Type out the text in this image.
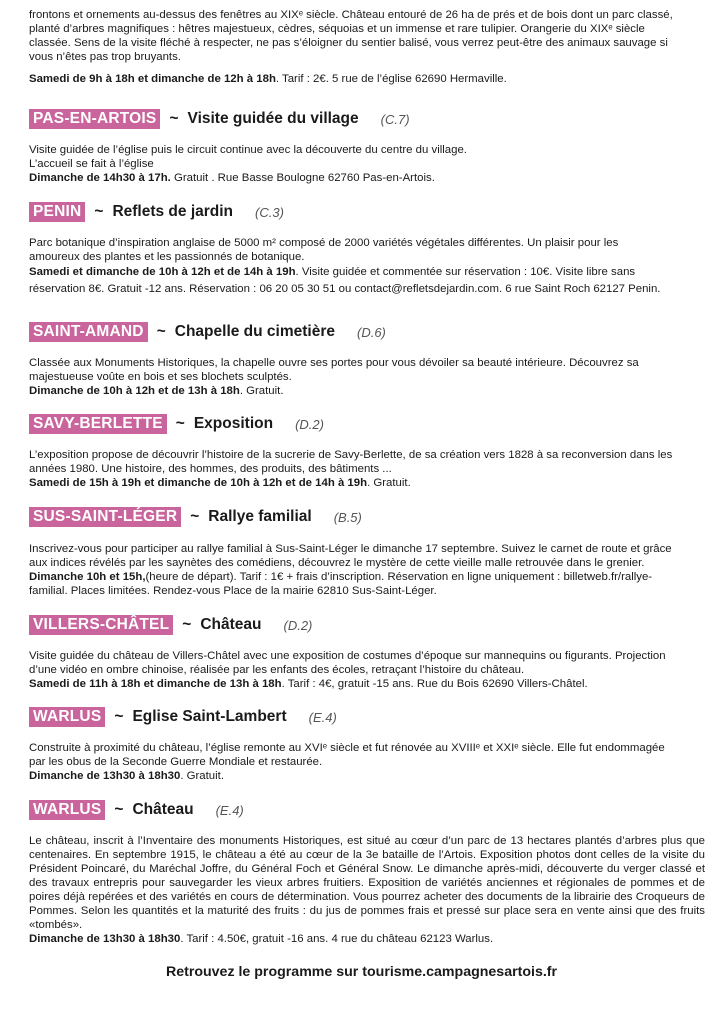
frontons et ornements au-dessus des fenêtres au XIXᵉ siècle. Château entouré de 26 ha de prés et de bois dont un parc classé,

planté d’arbres magnifiques : hêtres majestueux, cèdres, séquoias et un immense et rare tulipier. Orangerie du XIXᵉ siècle

classée. Sens de la visite fléché à respecter, ne pas s’éloigner du sentier balisé, vous verrez peut-être des animaux sauvage si

vous n’êtes pas trop bruyants.

Samedi de 9h à 18h et dimanche de 12h à 18h. Tarif : 2€. 5 rue de l’église 62690 Hermaville.
PAS-EN-ARTOIS ~ Visite guidée du village (C.7)

Visite guidée de l’église puis le circuit continue avec la découverte du centre du village.

L’accueil se fait à l’église

Dimanche de 14h30 à 17h. Gratuit . Rue Basse Boulogne 62760 Pas-en-Artois.

PENIN ~ Reflets de jardin (C.3)

Parc botanique d’inspiration anglaise de 5000 m² composé de 2000 variétés végétales différentes. Un plaisir pour les

amoureux des plantes et les passionnés de botanique.

Samedi et dimanche de 10h à 12h et de 14h à 19h. Visite guidée et commentée sur réservation : 10€. Visite libre sans

réservation 8€. Gratuit -12 ans. Réservation : 06 20 05 30 51 ou contact@refletsdejardin.com. 6 rue Saint Roch 62127 Penin.

SAINT-AMAND ~ Chapelle du cimetière (D.6)

Classée aux Monuments Historiques, la chapelle ouvre ses portes pour vous dévoiler sa beauté intérieure. Découvrez sa

majestueuse voûte en bois et ses blochets sculptés.

Dimanche de 10h à 12h et de 13h à 18h. Gratuit.

SAVY-BERLETTE ~ Exposition (D.2)

L’exposition propose de découvrir l’histoire de la sucrerie de Savy-Berlette, de sa création vers 1828 à sa reconversion dans les

années 1980. Une histoire, des hommes, des produits, des bâtiments ...

Samedi de 15h à 19h et dimanche de 10h à 12h et de 14h à 19h. Gratuit.

SUS-SAINT-LÉGER ~ Rallye familial (B.5)

Inscrivez-vous pour participer au rallye familial à Sus-Saint-Léger le dimanche 17 septembre. Suivez le carnet de route et grâce

aux indices révélés par les saynètes des comédiens, découvrez le mystère de cette vieille malle retrouvée dans le grenier.

Dimanche 10h et 15h,(heure de départ). Tarif : 1€ + frais d’inscription. Réservation en ligne uniquement : billetweb.fr/rallye-

familial. Places limitées. Rendez-vous Place de la mairie 62810 Sus-Saint-Léger.

VILLERS-CHÂTEL ~ Château (D.2)

Visite guidée du château de Villers-Châtel avec une exposition de costumes d’époque sur mannequins ou figurants. Projection

d’une vidéo en ombre chinoise, réalisée par les enfants des écoles, retraçant l’histoire du château.

Samedi de 11h à 18h et dimanche de 13h à 18h. Tarif : 4€, gratuit -15 ans. Rue du Bois 62690 Villers-Châtel.

WARLUS ~ Eglise Saint-Lambert (E.4)

Construite à proximité du château, l’église remonte au XVIᵉ siècle et fut rénovée au XVIIIᵉ et XXIᵉ siècle. Elle fut endommagée

par les obus de la Seconde Guerre Mondiale et restaurée.

Dimanche de 13h30 à 18h30. Gratuit.

WARLUS ~ Château (E.4)

Le château, inscrit à l’Inventaire des monuments Historiques, est situé au cœur d’un parc de 13 hectares plantés d’arbres plus que centenaires. En septembre 1915, le château a été au cœur de la 3e bataille de l’Artois. Exposition photos dont celles de la visite du Président Poincaré, du Maréchal Joffre, du Général Foch et Général Snow. Le dimanche après-midi, découverte du verger classé et des travaux entrepris pour sauvegarder les vieux arbres fruitiers. Exposition de variétés anciennes et régionales de pommes et de poires déjà repérées et des variétés en cours de détermination. Vous pourrez acheter des documents de la librairie des Croqueurs de Pommes. Selon les quantités et la maturité des fruits : du jus de pommes frais et pressé sur place sera en vente ainsi que des fruits «tombés».

Dimanche de 13h30 à 18h30. Tarif : 4.50€, gratuit -16 ans. 4 rue du château 62123 Warlus.

Retrouvez le programme sur tourisme.campagnesartois.fr
